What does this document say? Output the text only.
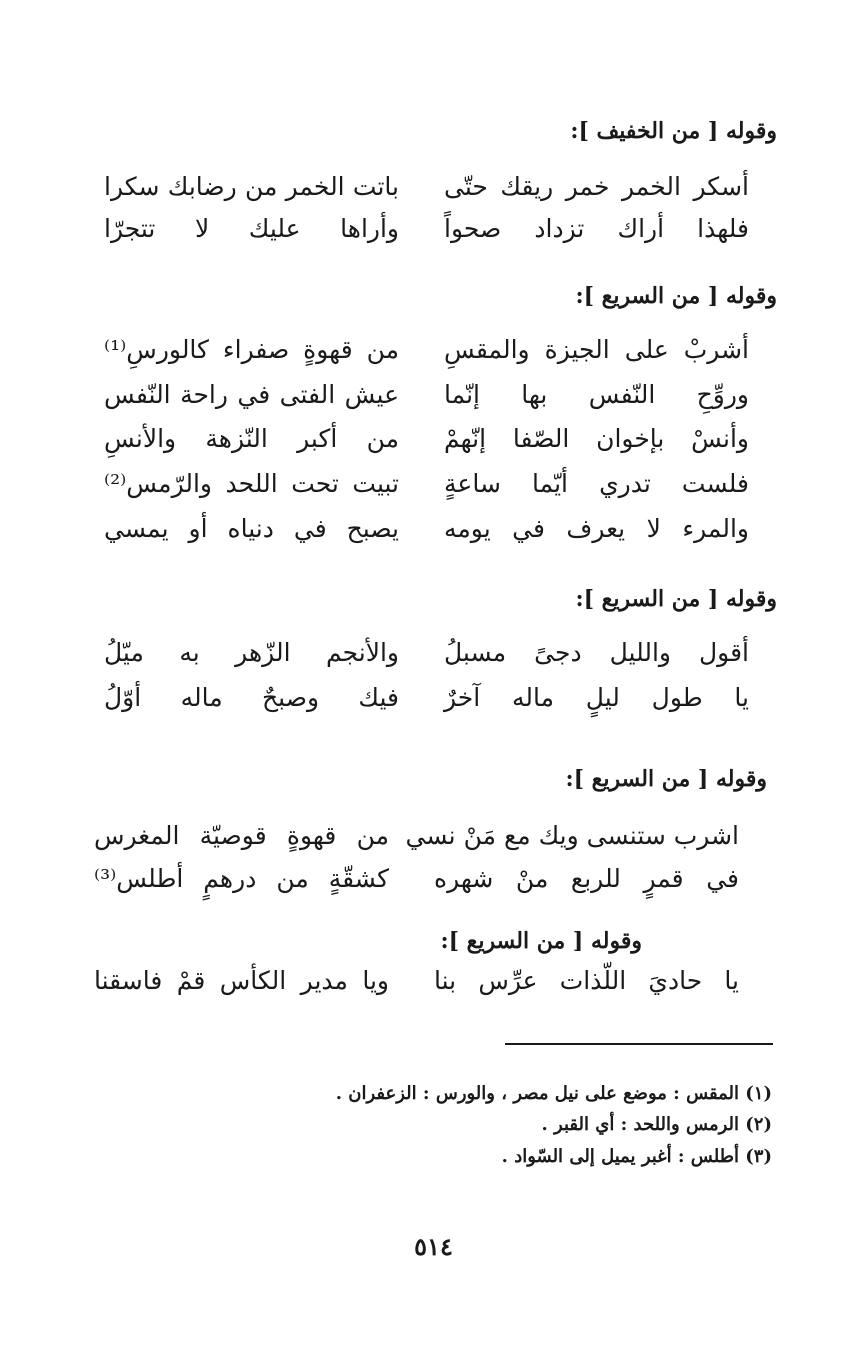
وقوله [ من الخفيف ]:
أسكر الخمر خمر ريقك حتّى
باتت الخمر من رضابك سكرا
فلهذا أراك تزداد صحواً
وأراها عليك لا تتجرّا
وقوله [ من السريع ]:
أشربْ على الجيزة والمقسِ
من قهوةٍ صفراء كالورسِ⁽¹⁾
وروِّحِ النّفس بها إنّما
عيش الفتى في راحة النّفس
وأنسْ بإخوان الصّفا إنّهمْ
من أكبر النّزهة والأنسِ
فلست تدري أيّما ساعةٍ
تبيت تحت اللحد والرّمس⁽²⁾
والمرء لا يعرف في يومه
يصبح في دنياه أو يمسي
وقوله [ من السريع ]:
أقول والليل دجىً مسبلُ
والأنجم الزّهر به ميّلُ
يا طول ليلٍ ماله آخرٌ
فيك وصبحٌ ماله أوّلُ
وقوله [ من السريع ]:
اشرب ستنسى ويك مع مَنْ نسي
من قهوةٍ قوصيّة المغرس
في قمرٍ للربع منْ شهره
كشقّةٍ من درهمٍ أطلس⁽³⁾
وقوله [ من السريع ]:
يا حاديَ اللّذات عرِّس بنا
ويا مدير الكأس قمْ فاسقنا
(١) المقس : موضع على نيل مصر ، والورس : الزعفران .
(٢) الرمس واللحد : أي القبر .
(٣) أطلس : أغبر يميل إلى السّواد .
٥١٤
